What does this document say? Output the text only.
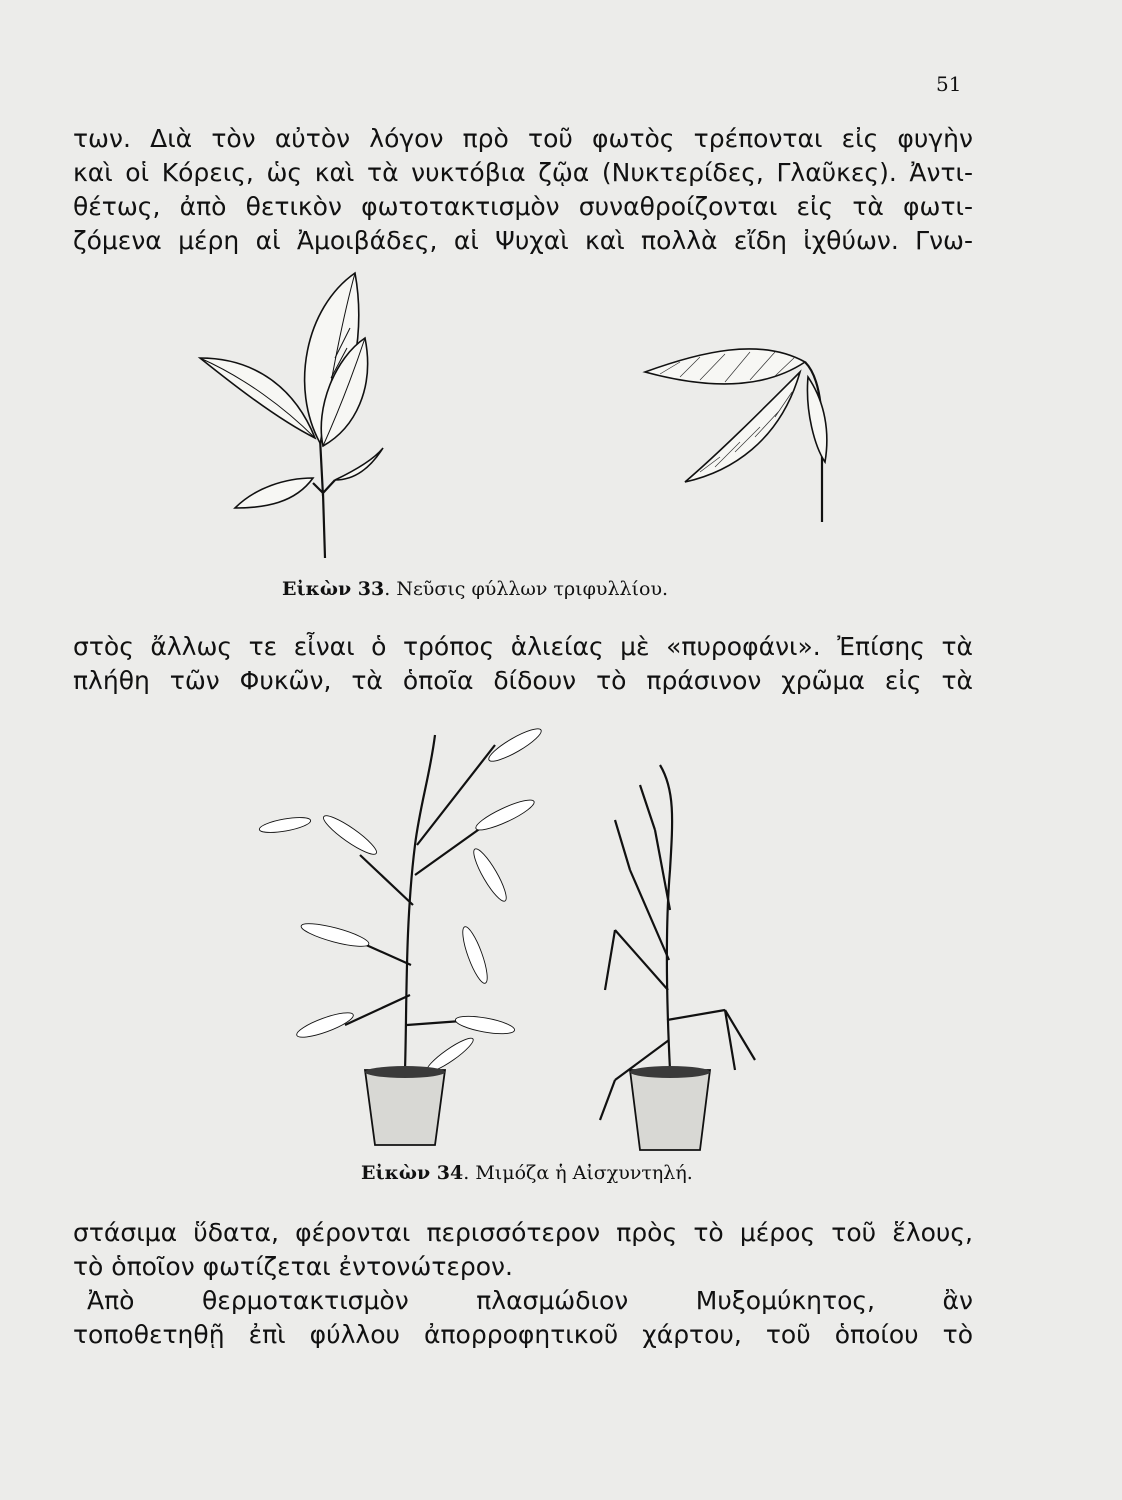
51

των. Διὰ τὸν αὐτὸν λόγον πρὸ τοῦ φωτὸς τρέπονται εἰς φυγὴν
καὶ οἱ Κόρεις, ὡς καὶ τὰ νυκτόβια ζῷα (Νυκτερίδες, Γλαῦκες). Ἀντι-
θέτως, ἀπὸ θετικὸν φωτοτακτισμὸν συναθροίζονται εἰς τὰ φωτι-
ζόμενα μέρη αἱ Ἀμοιβάδες, αἱ Ψυχαὶ καὶ πολλὰ εἴδη ἰχθύων. Γνω-

Εἰκὼν 33. Νεῦσις φύλλων τριφυλλίου.

στὸς ἄλλως τε εἶναι ὁ τρόπος ἁλιείας μὲ «πυροφάνι». Ἐπίσης τὰ
πλήθη τῶν Φυκῶν, τὰ ὁποῖα δίδουν τὸ πράσινον χρῶμα εἰς τὰ

Εἰκὼν 34. Μιμόζα ἡ Αἰσχυντηλή.

στάσιμα ὕδατα, φέρονται περισσότερον πρὸς τὸ μέρος τοῦ ἕλους,
τὸ ὁποῖον φωτίζεται ἐντονώτερον.

Ἀπὸ θερμοτακτισμὸν πλασμώδιον Μυξομύκητος, ἂν
τοποθετηθῇ ἐπὶ φύλλου ἀπορροφητικοῦ χάρτου, τοῦ ὁποίου τὸ
